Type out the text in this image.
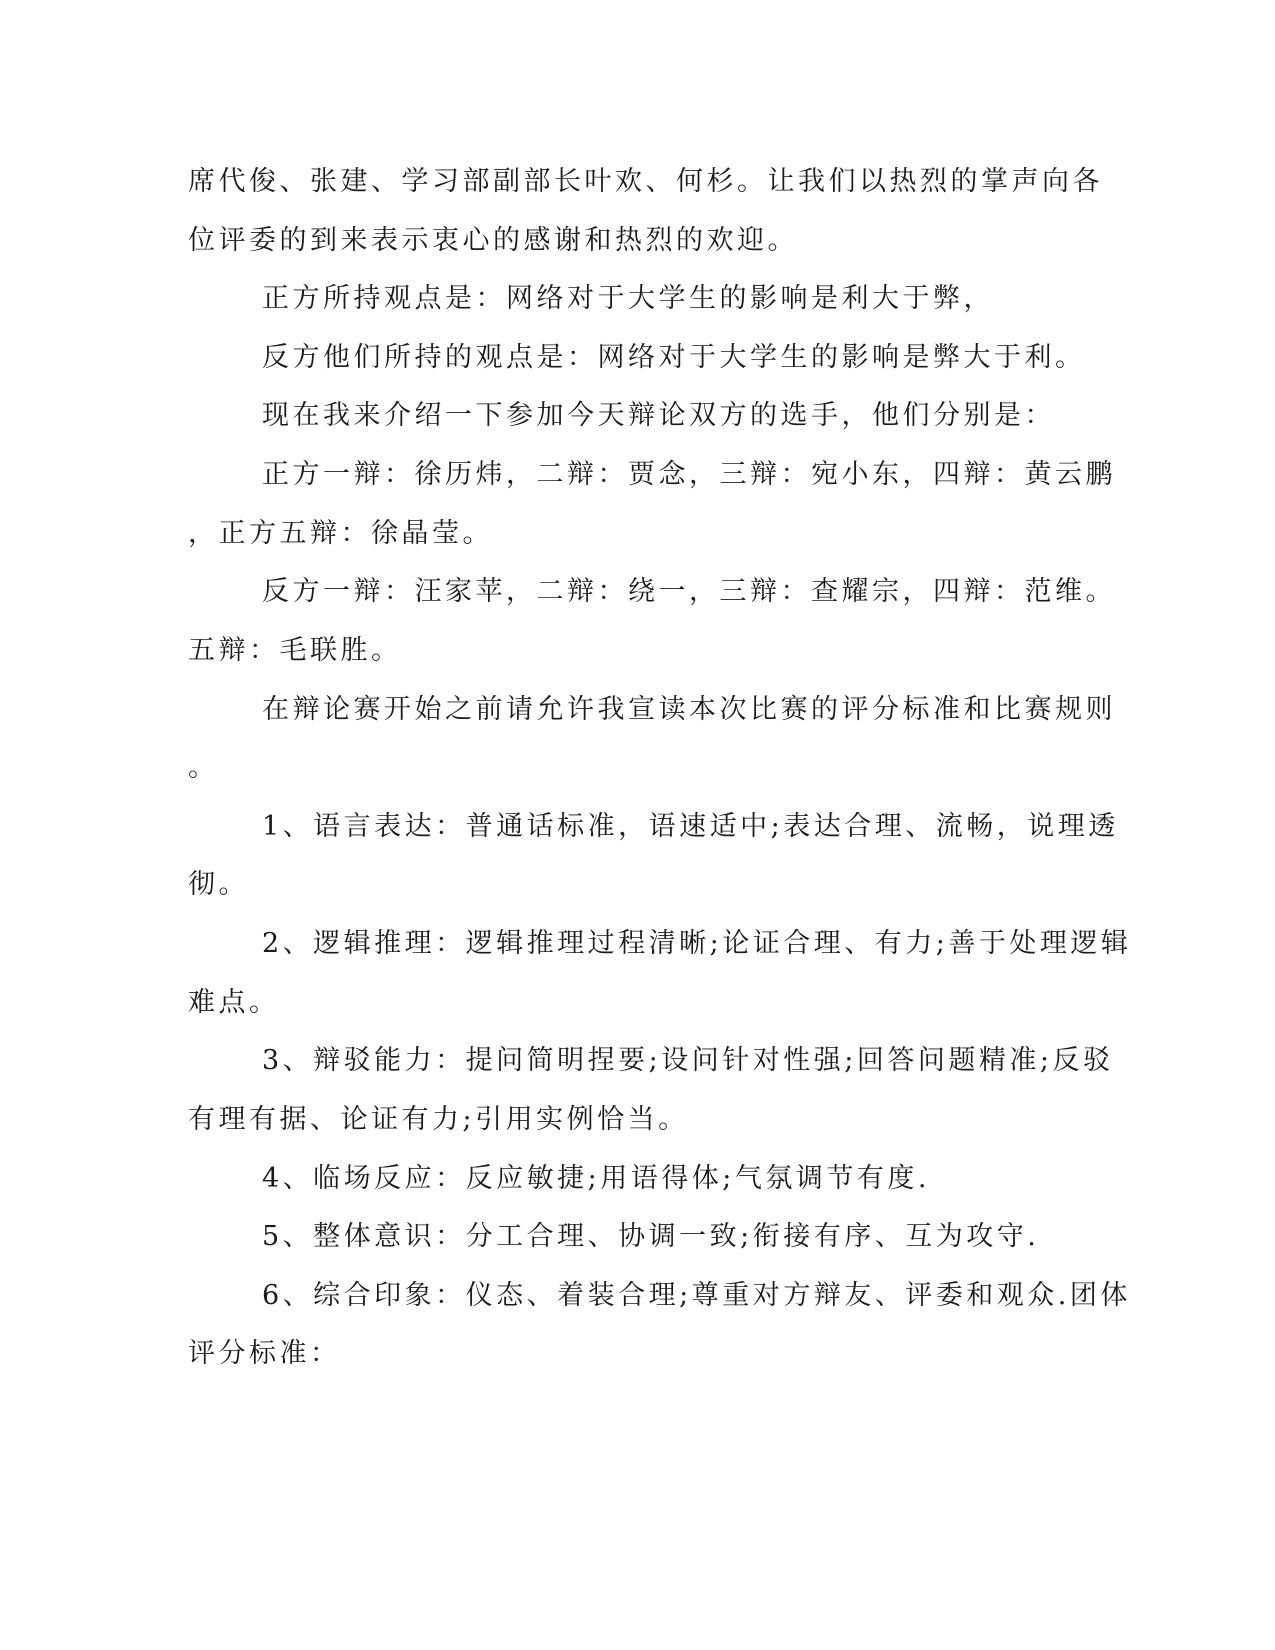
席代俊、张建、学习部副部长叶欢、何杉。让我们以热烈的掌声向各
位评委的到来表示衷心的感谢和热烈的欢迎。
正方所持观点是：网络对于大学生的影响是利大于弊，
反方他们所持的观点是：网络对于大学生的影响是弊大于利。
现在我来介绍一下参加今天辩论双方的选手，他们分别是：
正方一辩：徐历炜，二辩：贾念，三辩：宛小东，四辩：黄云鹏
，正方五辩：徐晶莹。
反方一辩：汪家苹，二辩：绕一，三辩：查耀宗，四辩：范维。
五辩：毛联胜。
在辩论赛开始之前请允许我宣读本次比赛的评分标准和比赛规则
。
1、语言表达：普通话标准，语速适中;表达合理、流畅，说理透
彻。
2、逻辑推理：逻辑推理过程清晰;论证合理、有力;善于处理逻辑
难点。
3、辩驳能力：提问简明捏要;设问针对性强;回答问题精准;反驳
有理有据、论证有力;引用实例恰当。
4、临场反应：反应敏捷;用语得体;气氛调节有度.
5、整体意识：分工合理、协调一致;衔接有序、互为攻守.
6、综合印象：仪态、着装合理;尊重对方辩友、评委和观众.团体
评分标准：
